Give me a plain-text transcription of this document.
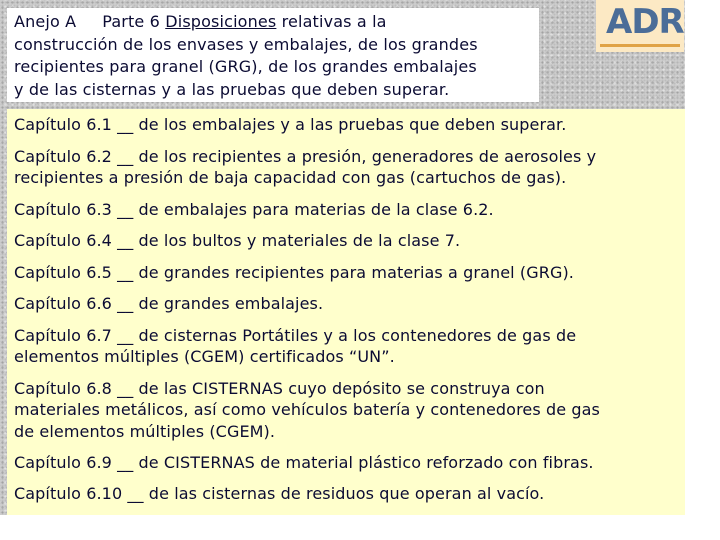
Anejo A Parte 6 Disposiciones relativas a la
construcción de los envases y embalajes, de los grandes
recipientes para granel (GRG), de los grandes embalajes
y de las cisternas y a las pruebas que deben superar.
ADR
Capítulo 6.1 __ de los embalajes y a las pruebas que deben superar.
Capítulo 6.2 __ de los recipientes a presión, generadores de aerosoles y
recipientes a presión de baja capacidad con gas (cartuchos de gas).
Capítulo 6.3 __ de embalajes para materias de la clase 6.2.
Capítulo 6.4 __ de los bultos y materiales de la clase 7.
Capítulo 6.5 __ de grandes recipientes para materias a granel (GRG).
Capítulo 6.6 __ de grandes embalajes.
Capítulo 6.7 __ de cisternas Portátiles y a los contenedores de gas de
elementos múltiples (CGEM) certificados “UN”.
Capítulo 6.8 __ de las CISTERNAS cuyo depósito se construya con
materiales metálicos, así como vehículos batería y contenedores de gas
de elementos múltiples (CGEM).
Capítulo 6.9 __ de CISTERNAS de material plástico reforzado con fibras.
Capítulo 6.10 __ de las cisternas de residuos que operan al vacío.
